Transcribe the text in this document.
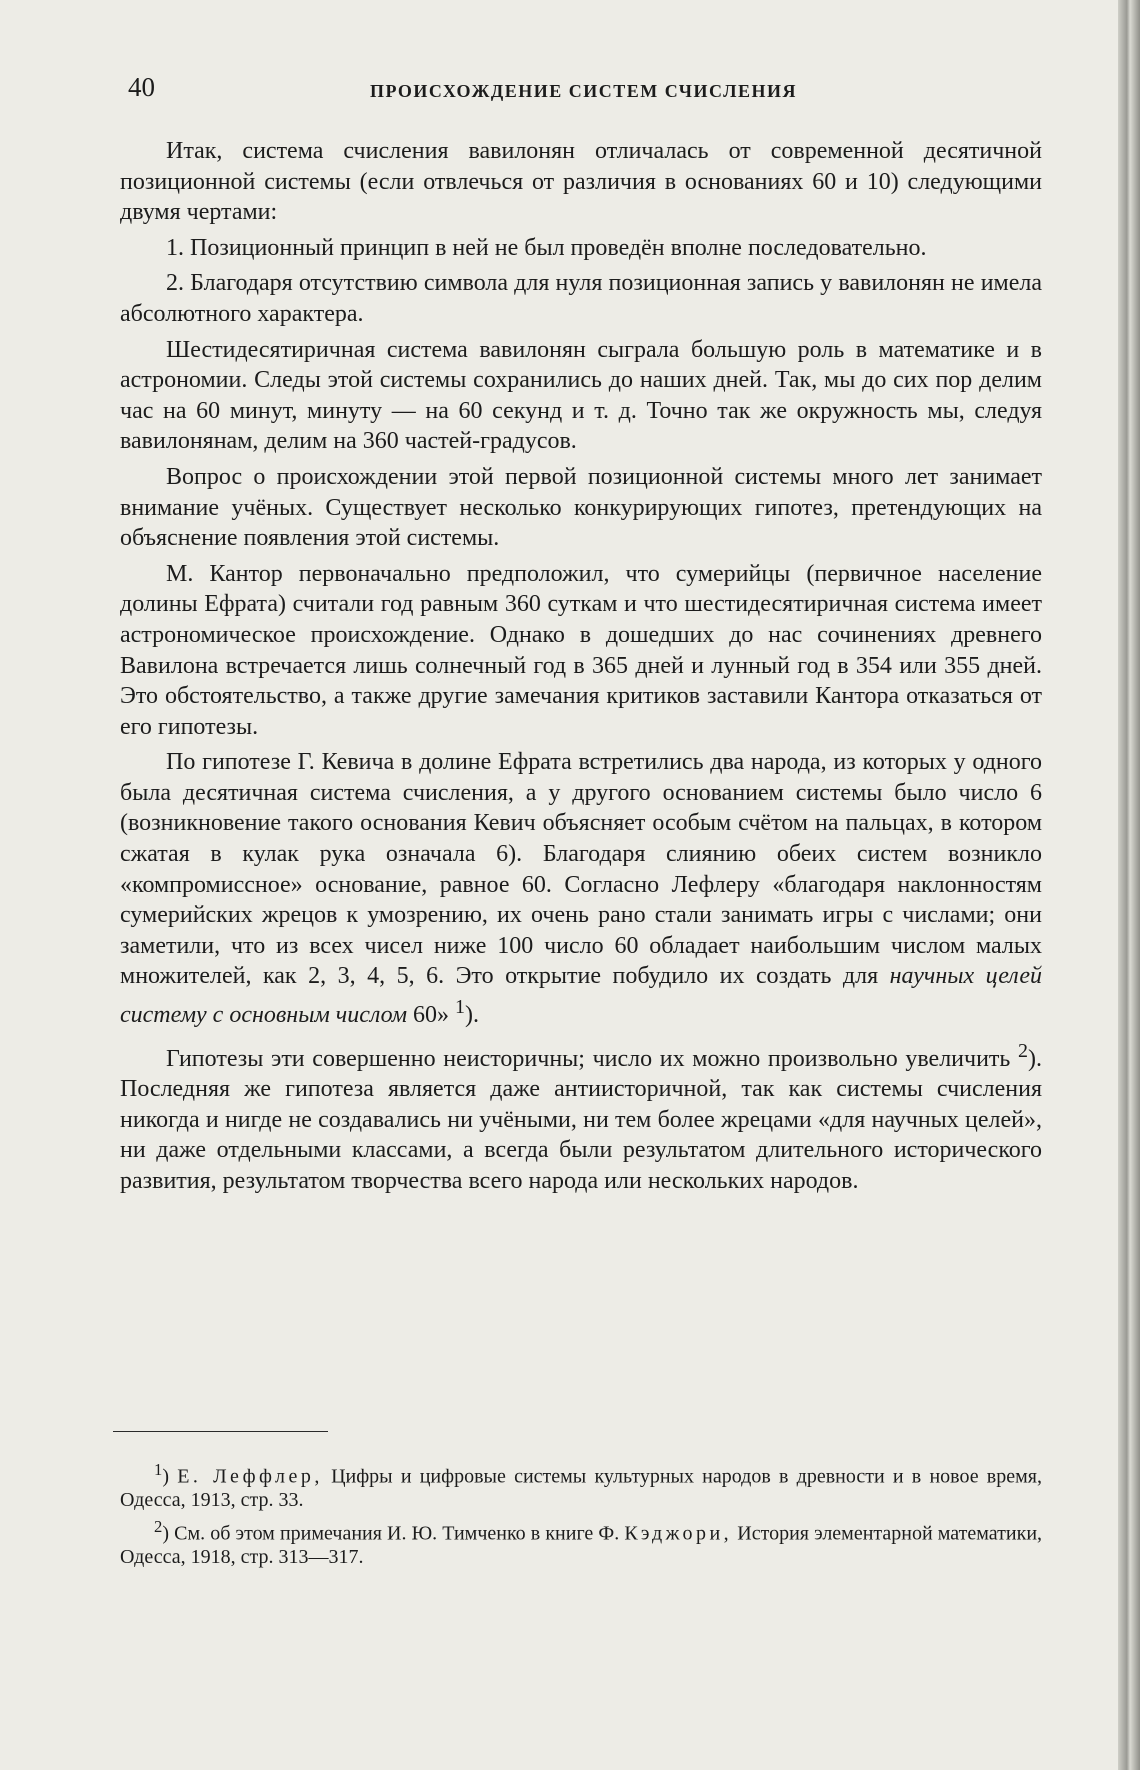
40	ПРОИСХОЖДЕНИЕ СИСТЕМ СЧИСЛЕНИЯ

Итак, система счисления вавилонян отличалась от современной десятичной позиционной системы (если отвлечься от различия в основаниях 60 и 10) следующими двумя чертами:

1. Позиционный принцип в ней не был проведён вполне последовательно.

2. Благодаря отсутствию символа для нуля позиционная запись у вавилонян не имела абсолютного характера.

Шестидесятиричная система вавилонян сыграла большую роль в математике и в астрономии. Следы этой системы сохранились до наших дней. Так, мы до сих пор делим час на 60 минут, минуту — на 60 секунд и т. д. Точно так же окружность мы, следуя вавилонянам, делим на 360 частей-градусов.

Вопрос о происхождении этой первой позиционной системы много лет занимает внимание учёных. Существует несколько конкурирующих гипотез, претендующих на объяснение появления этой системы.

М. Кантор первоначально предположил, что сумерийцы (первичное население долины Ефрата) считали год равным 360 суткам и что шестидесятиричная система имеет астрономическое происхождение. Однако в дошедших до нас сочинениях древнего Вавилона встречается лишь солнечный год в 365 дней и лунный год в 354 или 355 дней. Это обстоятельство, а также другие замечания критиков заставили Кантора отказаться от его гипотезы.

По гипотезе Г. Кевича в долине Ефрата встретились два народа, из которых у одного была десятичная система счисления, а у другого основанием системы было число 6 (возникновение такого основания Кевич объясняет особым счётом на пальцах, в котором сжатая в кулак рука означала 6). Благодаря слиянию обеих систем возникло «компромиссное» основание, равное 60. Согласно Лефлеру «благодаря наклонностям сумерийских жрецов к умозрению, их очень рано стали занимать игры с числами; они заметили, что из всех чисел ниже 100 число 60 обладает наибольшим числом малых множителей, как 2, 3, 4, 5, 6. Это открытие побудило их создать для научных целей систему с основным числом 60» $^1$).

Гипотезы эти совершенно неисторичны; число их можно произвольно увеличить $^2$). Последняя же гипотеза является даже антиисторичной, так как системы счисления никогда и нигде не создавались ни учёными, ни тем более жрецами «для научных целей», ни даже отдельными классами, а всегда были результатом длительного исторического развития, результатом творчества всего народа или нескольких народов.

$^1$) Е. Леффлер, Цифры и цифровые системы культурных народов в древности и в новое время, Одесса, 1913, стр. 33.

$^2$) См. об этом примечания И. Ю. Тимченко в книге Ф. Кэджори, История элементарной математики, Одесса, 1918, стр. 313—317.
